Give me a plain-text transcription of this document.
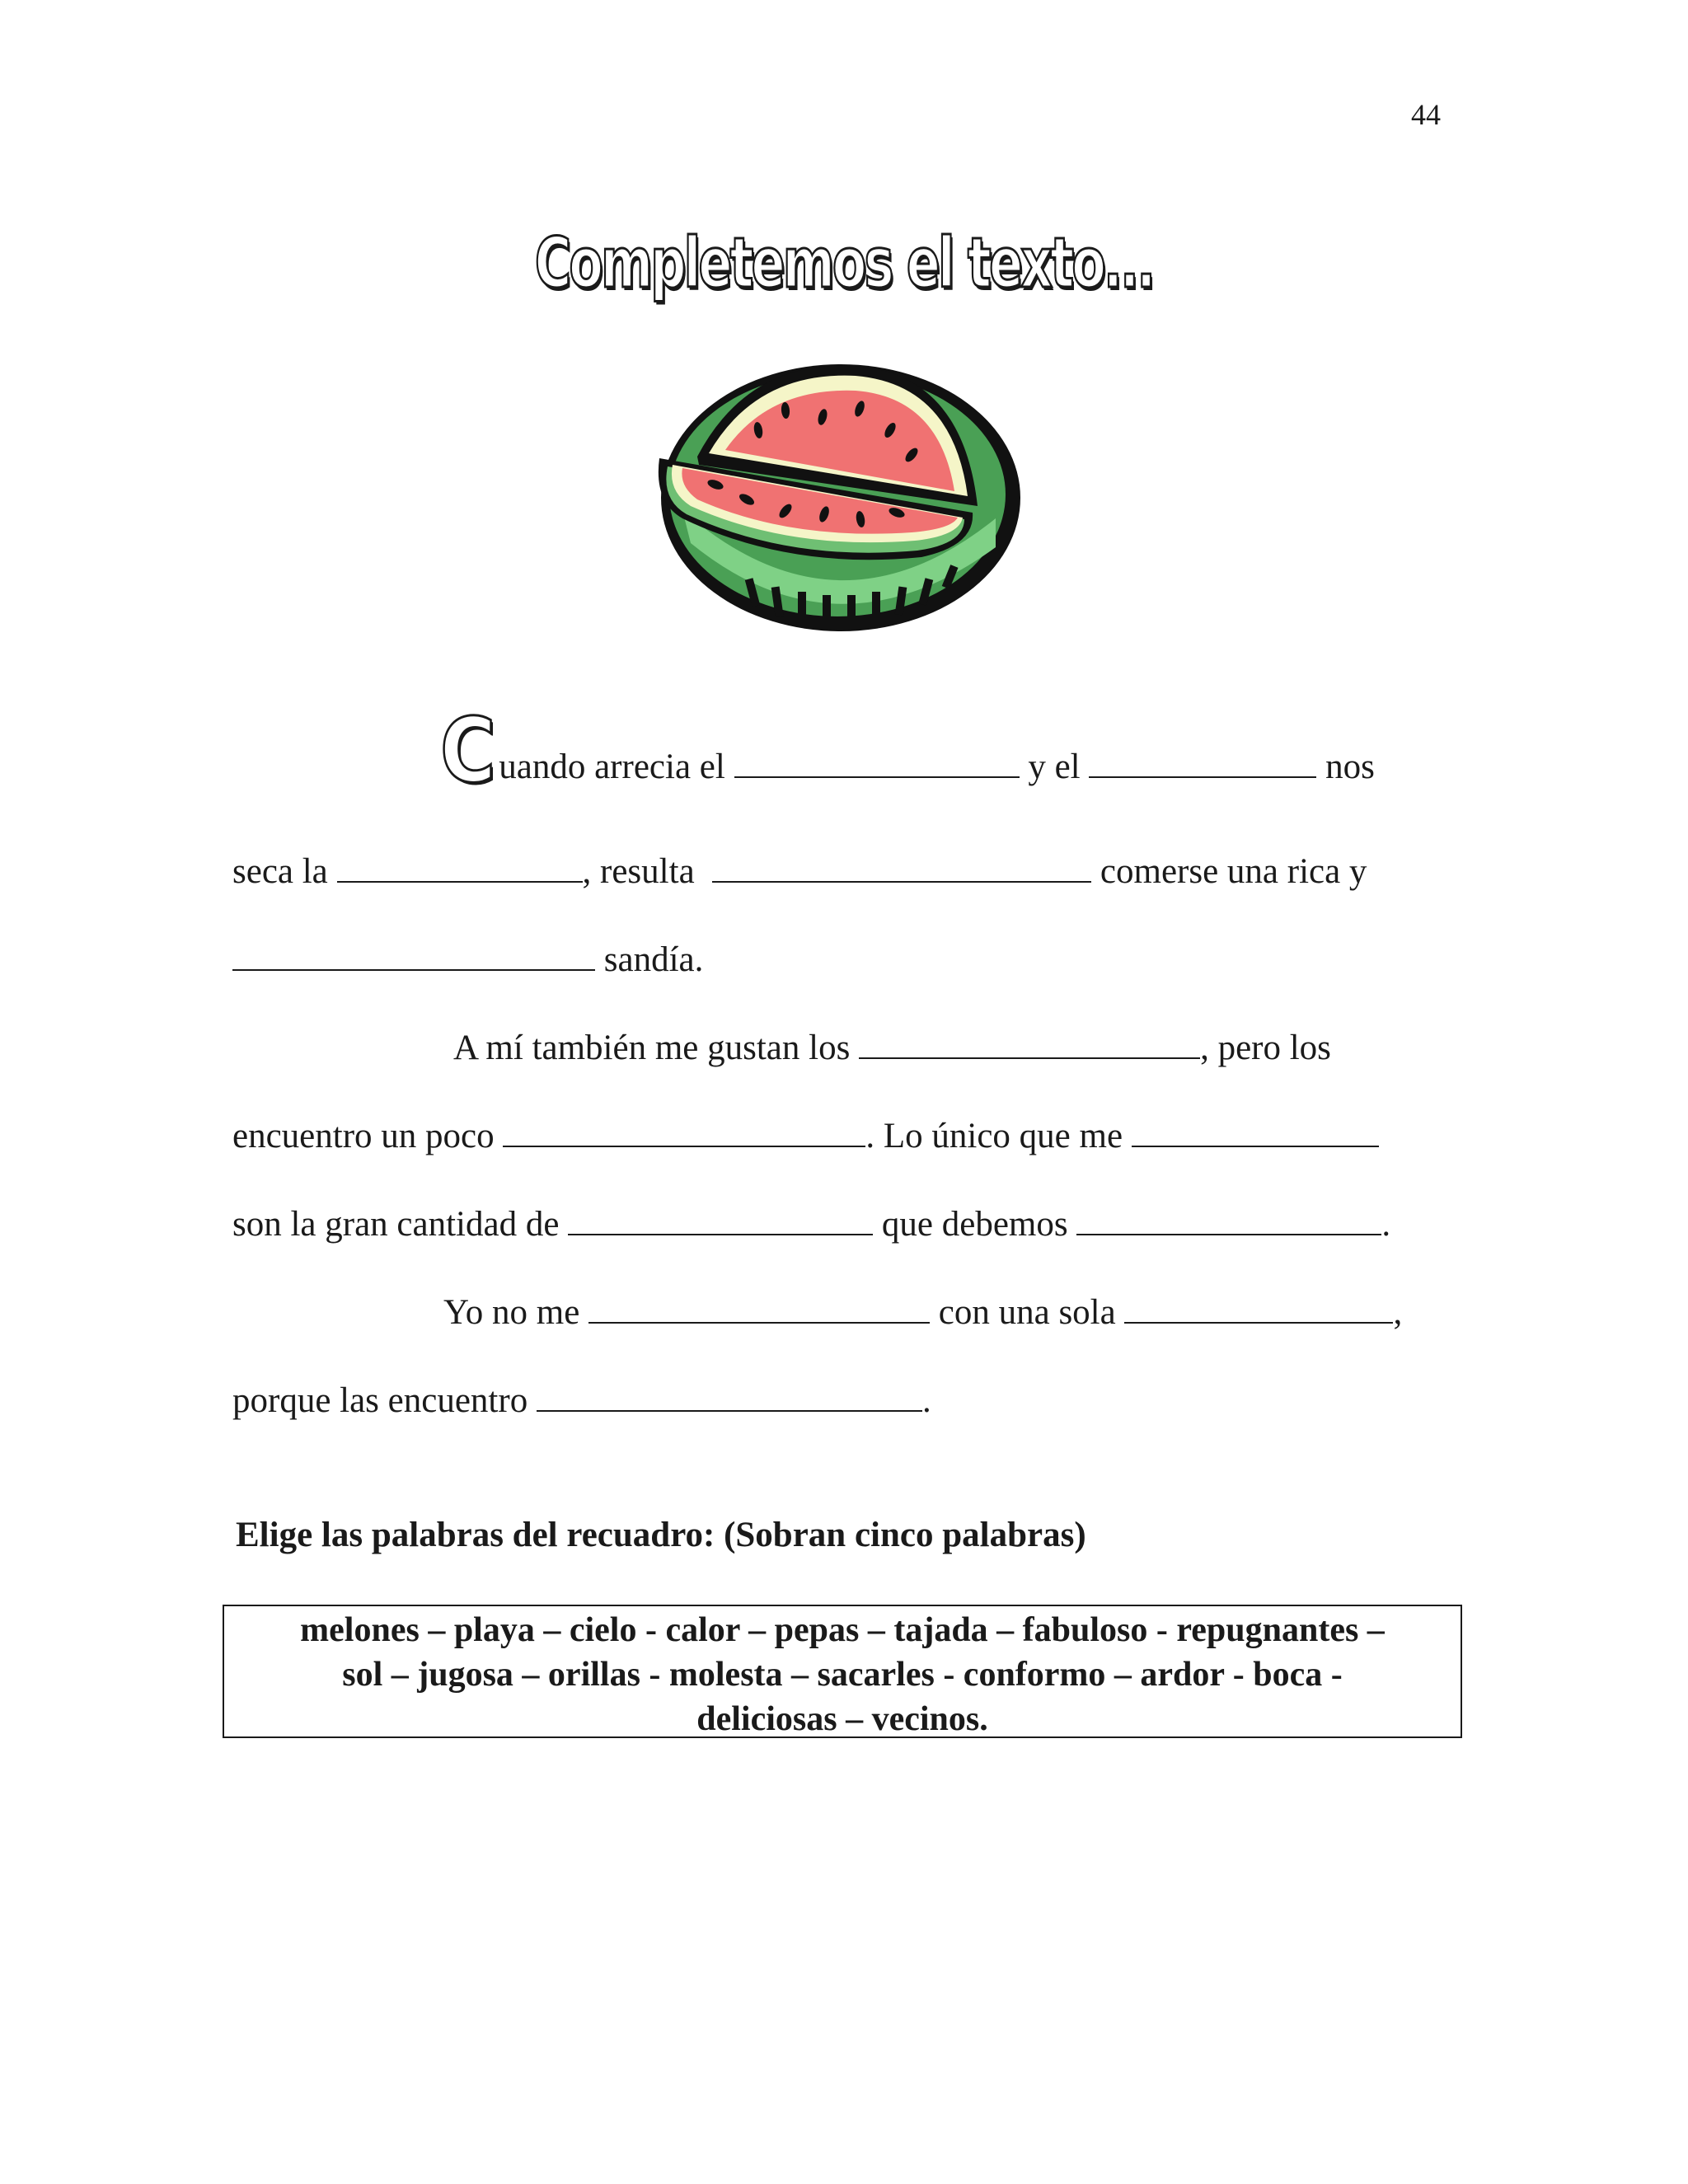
44
Completemos el texto...
Cuando arrecia el	y el	nos
seca la	, resulta	comerse una rica y
sandía.
A mí también me gustan los	, pero los
encuentro un poco	. Lo único que me
son la gran cantidad de	que debemos	.
Yo no me	con una sola	,
porque las encuentro	.
Elige las palabras del recuadro: (Sobran cinco palabras)
melones – playa – cielo - calor – pepas – tajada – fabuloso - repugnantes –
sol – jugosa – orillas - molesta – sacarles - conformo – ardor - boca -
deliciosas – vecinos.
